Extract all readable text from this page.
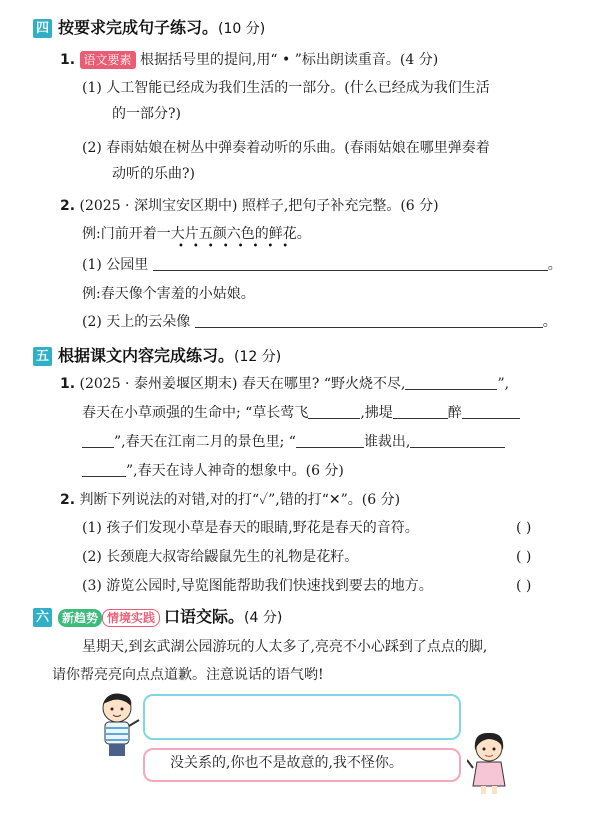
四 按要求完成句子练习。(10 分)
1. 语文要素 根据括号里的提问,用“ • ”标出朗读重音。(4 分)
(1) 人工智能已经成为我们生活的一部分。(什么已经成为我们生活
的一部分?)
(2) 春雨姑娘在树丛中弹奏着动听的乐曲。(春雨姑娘在哪里弹奏着
动听的乐曲?)
2. (2025 · 深圳宝安区期中) 照样子,把句子补充完整。(6 分)
例:门前开着一大片五颜六色的鲜花。
••••••••
(1) 公园里	。
例:春天像个害羞的小姑娘。
(2) 天上的云朵像	。
五 根据课文内容完成练习。(12 分)
1. (2025 · 泰州姜堰区期末) 春天在哪里? “野火烧不尽,	”,
春天在小草顽强的生命中; “草长莺飞	,拂堤	醉
”,春天在江南二月的景色里; “	谁裁出,
”,春天在诗人神奇的想象中。(6 分)
2. 判断下列说法的对错,对的打“✓”,错的打“✕”。(6 分)
(1) 孩子们发现小草是春天的眼睛,野花是春天的音符。	( )
(2) 长颈鹿大叔寄给鼹鼠先生的礼物是花籽。	( )
(3) 游览公园时,导览图能帮助我们快速找到要去的地方。	( )
六 新趋势 情境实践 口语交际。(4 分)
星期天,到玄武湖公园游玩的人太多了,亮亮不小心踩到了点点的脚,
请你帮亮亮向点点道歉。注意说话的语气哟!
没关系的,你也不是故意的,我不怪你。
